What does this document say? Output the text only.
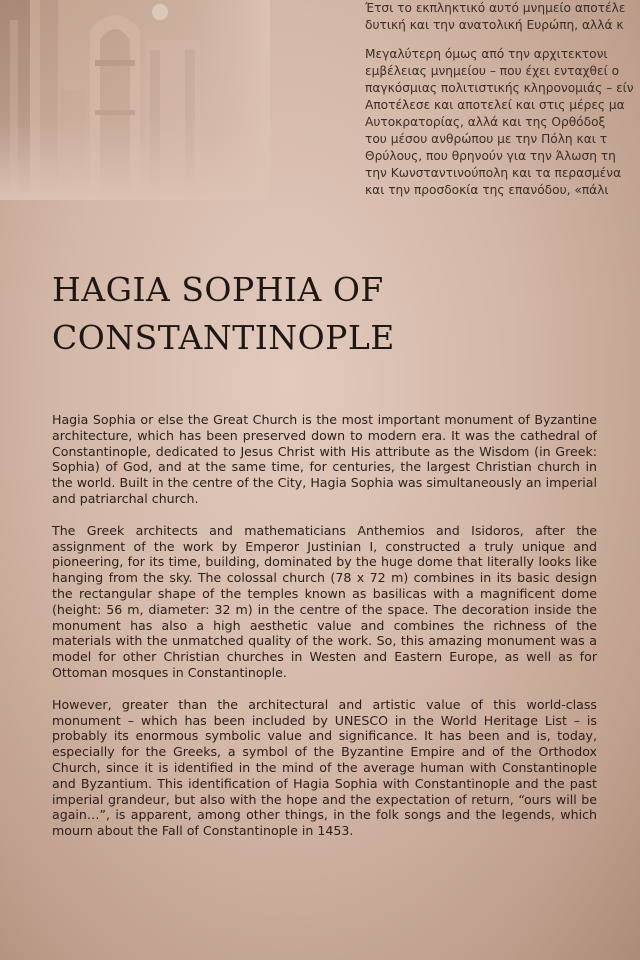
Έτσι το εκπληκτικό αυτό μνημείο αποτέλε
δυτική και την ανατολική Ευρώπη, αλλά κ

Μεγαλύτερη όμως από την αρχιτεκτονι
εμβέλειας μνημείου – που έχει ενταχθεί ο
παγκόσμιας πολιτιστικής κληρονομιάς – είν
Αποτέλεσε και αποτελεί και στις μέρες μα
Αυτοκρατορίας, αλλά και της Ορθόδοξ
του μέσου ανθρώπου με την Πόλη και τ
Θρύλους, που θρηνούν για την Άλωση τη
την Κωνσταντινούπολη και τα περασμένα
και την προσδοκία της επανόδου, «πάλι

HAGIA SOPHIA OF
CONSTANTINOPLE

Hagia Sophia or else the Great Church is the most important monument of Byzantine architecture, which has been preserved down to modern era. It was the cathedral of Constantinople, dedicated to Jesus Christ with His attribute as the Wisdom (in Greek: Sophia) of God, and at the same time, for centuries, the largest Christian church in the world. Built in the centre of the City, Hagia Sophia was simultaneously an imperial and patriarchal church.

The Greek architects and mathematicians Anthemios and Isidoros, after the assignment of the work by Emperor Justinian I, constructed a truly unique and pioneering, for its time, building, dominated by the huge dome that literally looks like hanging from the sky. The colossal church (78 x 72 m) combines in its basic design the rectangular shape of the temples known as basilicas with a magnificent dome (height: 56 m, diameter: 32 m) in the centre of the space. The decoration inside the monument has also a high aesthetic value and combines the richness of the materials with the unmatched quality of the work. So, this amazing monument was a model for other Christian churches in Westen and Eastern Europe, as well as for Ottoman mosques in Constantinople.

However, greater than the architectural and artistic value of this world-class monument – which has been included by UNESCO in the World Heritage List – is probably its enormous symbolic value and significance. It has been and is, today, especially for the Greeks, a symbol of the Byzantine Empire and of the Orthodox Church, since it is identified in the mind of the average human with Constantinople and Byzantium. This identification of Hagia Sophia with Constantinople and the past imperial grandeur, but also with the hope and the expectation of return, “ours will be again…”, is apparent, among other things, in the folk songs and the legends, which mourn about the Fall of Constantinople in 1453.
